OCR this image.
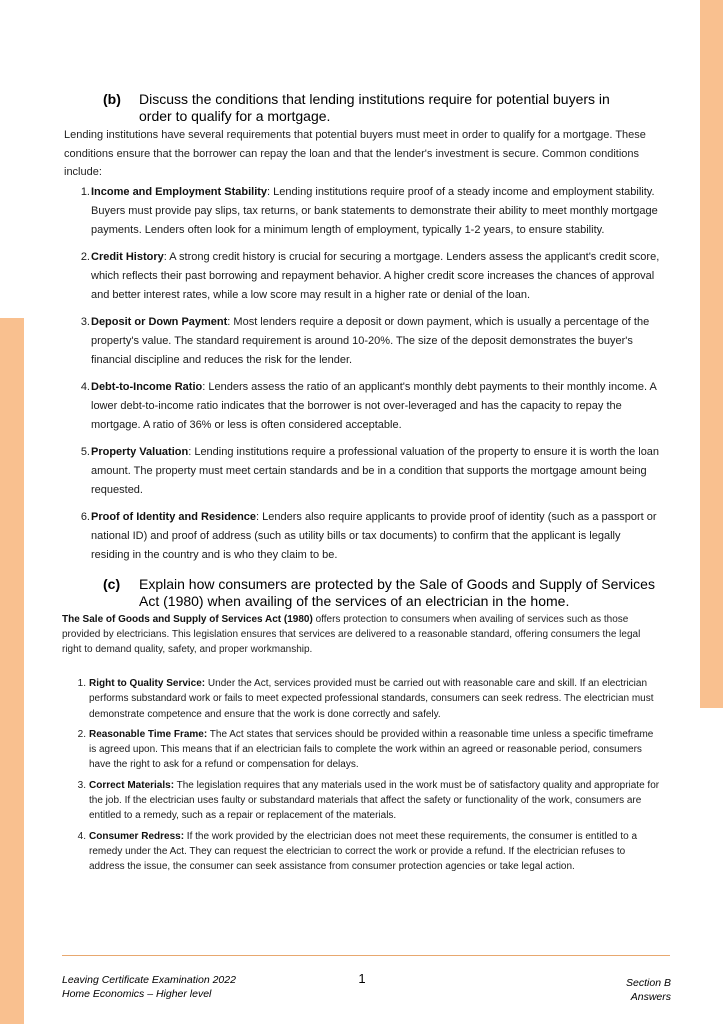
(b)	Discuss the conditions that lending institutions require for potential buyers in order to qualify for a mortgage.

Lending institutions have several requirements that potential buyers must meet in order to qualify for a mortgage. These conditions ensure that the borrower can repay the loan and that the lender's investment is secure. Common conditions include:

1. Income and Employment Stability: Lending institutions require proof of a steady income and employment stability. Buyers must provide pay slips, tax returns, or bank statements to demonstrate their ability to meet monthly mortgage payments. Lenders often look for a minimum length of employment, typically 1-2 years, to ensure stability.
2. Credit History: A strong credit history is crucial for securing a mortgage. Lenders assess the applicant's credit score, which reflects their past borrowing and repayment behavior. A higher credit score increases the chances of approval and better interest rates, while a low score may result in a higher rate or denial of the loan.
3. Deposit or Down Payment: Most lenders require a deposit or down payment, which is usually a percentage of the property's value. The standard requirement is around 10-20%. The size of the deposit demonstrates the buyer's financial discipline and reduces the risk for the lender.
4. Debt-to-Income Ratio: Lenders assess the ratio of an applicant's monthly debt payments to their monthly income. A lower debt-to-income ratio indicates that the borrower is not over-leveraged and has the capacity to repay the mortgage. A ratio of 36% or less is often considered acceptable.
5. Property Valuation: Lending institutions require a professional valuation of the property to ensure it is worth the loan amount. The property must meet certain standards and be in a condition that supports the mortgage amount being requested.
6. Proof of Identity and Residence: Lenders also require applicants to provide proof of identity (such as a passport or national ID) and proof of address (such as utility bills or tax documents) to confirm that the applicant is legally residing in the country and is who they claim to be.
(c)	Explain how consumers are protected by the Sale of Goods and Supply of Services Act (1980) when availing of the services of an electrician in the home.

The Sale of Goods and Supply of Services Act (1980) offers protection to consumers when availing of services such as those provided by electricians. This legislation ensures that services are delivered to a reasonable standard, offering consumers the legal right to demand quality, safety, and proper workmanship.

1. Right to Quality Service: Under the Act, services provided must be carried out with reasonable care and skill. If an electrician performs substandard work or fails to meet expected professional standards, consumers can seek redress. The electrician must demonstrate competence and ensure that the work is done correctly and safely.
2. Reasonable Time Frame: The Act states that services should be provided within a reasonable time unless a specific timeframe is agreed upon. This means that if an electrician fails to complete the work within an agreed or reasonable period, consumers have the right to ask for a refund or compensation for delays.
3. Correct Materials: The legislation requires that any materials used in the work must be of satisfactory quality and appropriate for the job. If the electrician uses faulty or substandard materials that affect the safety or functionality of the work, consumers are entitled to a remedy, such as a repair or replacement of the materials.
4. Consumer Redress: If the work provided by the electrician does not meet these requirements, the consumer is entitled to a remedy under the Act. They can request the electrician to correct the work or provide a refund. If the electrician refuses to address the issue, the consumer can seek assistance from consumer protection agencies or take legal action.
Leaving Certificate Examination 2022
Home Economics – Higher level
1	Section B
Answers
